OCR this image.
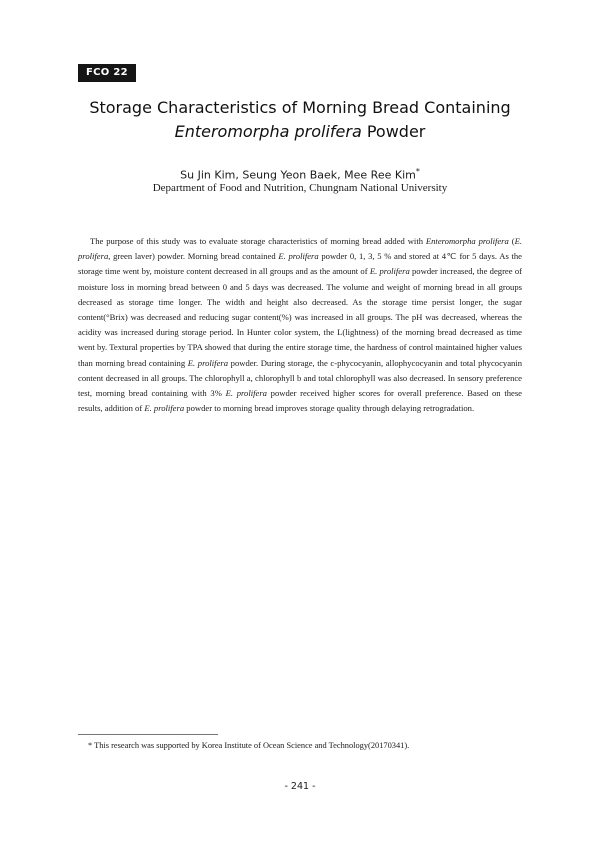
FCO 22
Storage Characteristics of Morning Bread Containing
Enteromorpha prolifera Powder
Su Jin Kim, Seung Yeon Baek, Mee Ree Kim*
Department of Food and Nutrition, Chungnam National University

The purpose of this study was to evaluate storage characteristics of morning bread added with Enteromorpha prolifera (E. prolifera, green laver) powder. Morning bread contained E. prolifera powder 0, 1, 3, 5 % and stored at 4℃ for 5 days. As the storage time went by, moisture content decreased in all groups and as the amount of E. prolifera powder increased, the degree of moisture loss in morning bread between 0 and 5 days was decreased. The volume and weight of morning bread in all groups decreased as storage time longer. The width and height also decreased. As the storage time persist longer, the sugar content(°Brix) was decreased and reducing sugar content(%) was increased in all groups. The pH was decreased, whereas the acidity was increased during storage period. In Hunter color system, the L(lightness) of the morning bread decreased as time went by. Textural properties by TPA showed that during the entire storage time, the hardness of control maintained higher values than morning bread containing E. prolifera powder. During storage, the c-phycocyanin, allophycocyanin and total phycocyanin content decreased in all groups. The chlorophyll a, chlorophyll b and total chlorophyll was also decreased. In sensory preference test, morning bread containing with 3% E. prolifera powder received higher scores for overall preference. Based on these results, addition of E. prolifera powder to morning bread improves storage quality through delaying retrogradation.

* This research was supported by Korea Institute of Ocean Science and Technology(20170341).
- 241 -
